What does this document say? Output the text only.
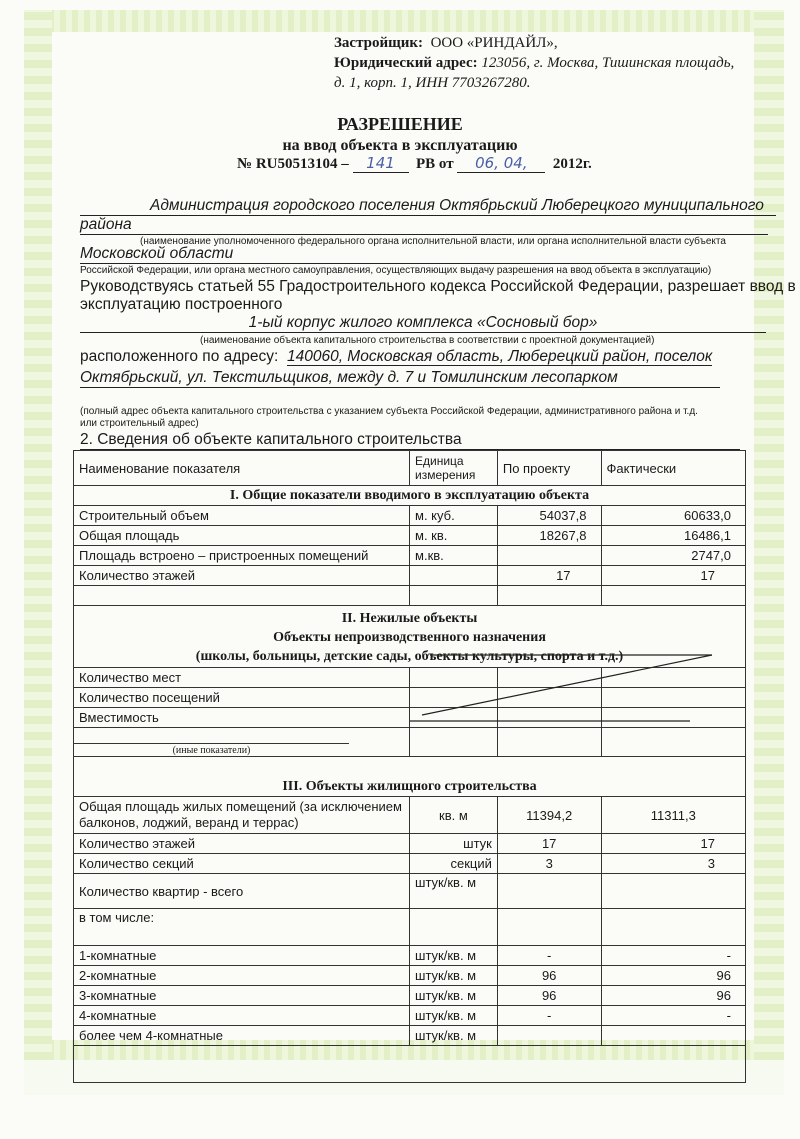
Застройщик: ООО «РИНДАЙЛ»,
Юридический адрес: 123056, г. Москва, Тишинская площадь,
д. 1, корп. 1, ИНН 7703267280.
РАЗРЕШЕНИЕ
на ввод объекта в эксплуатацию
№ RU50513104 – 141 РВ от 06, 04, 2012г.
Администрация городского поселения Октябрьский Люберецкого муниципального
района
(наименование уполномоченного федерального органа исполнительной власти, или органа исполнительной власти субъекта
Московской области
Российской Федерации, или органа местного самоуправления, осуществляющих выдачу разрешения на ввод объекта в эксплуатацию)
Руководствуясь статьей 55 Градостроительного кодекса Российской Федерации, разрешает ввод в
эксплуатацию построенного
1-ый корпус жилого комплекса «Сосновый бор»
(наименование объекта капитального строительства в соответствии с проектной документацией)
расположенного по адресу: 140060, Московская область, Люберецкий район, поселок
Октябрьский, ул. Текстильщиков, между д. 7 и Томилинским лесопарком
(полный адрес объекта капитального строительства с указанием субъекта Российской Федерации, административного района и т.д.
или строительный адрес)
2. Сведения об объекте капитального строительства
Наименование показателя	Единица измерения	По проекту	Фактически
I. Общие показатели вводимого в эксплуатацию объекта			
Строительный объем	м. куб.	54037,8	60633,0
Общая площадь	м. кв.	18267,8	16486,1
Площадь встроено – пристроенных помещений	м.кв.		2747,0
Количество этажей		17	17

II. Нежилые объекты
Объекты непроизводственного назначения
(школы, больницы, детские сады, объекты культуры, спорта и т.д.)			

Количество мест			
Количество посещений			
Вместимость			

(иные показатели)			

III. Объекты жилищного строительства			
Общая площадь жилых помещений (за исключением балконов, лоджий, веранд и террас)	кв. м	11394,2	11311,3
Количество этажей	штук	17	17
Количество секций	секций	3	3
Количество квартир - всего	штук/кв. м		
в том числе:			
1-комнатные	штук/кв. м	-	-
2-комнатные	штук/кв. м	96	96
3-комнатные	штук/кв. м	96	96
4-комнатные	штук/кв. м	-	-
более чем 4-комнатные	штук/кв. м		
